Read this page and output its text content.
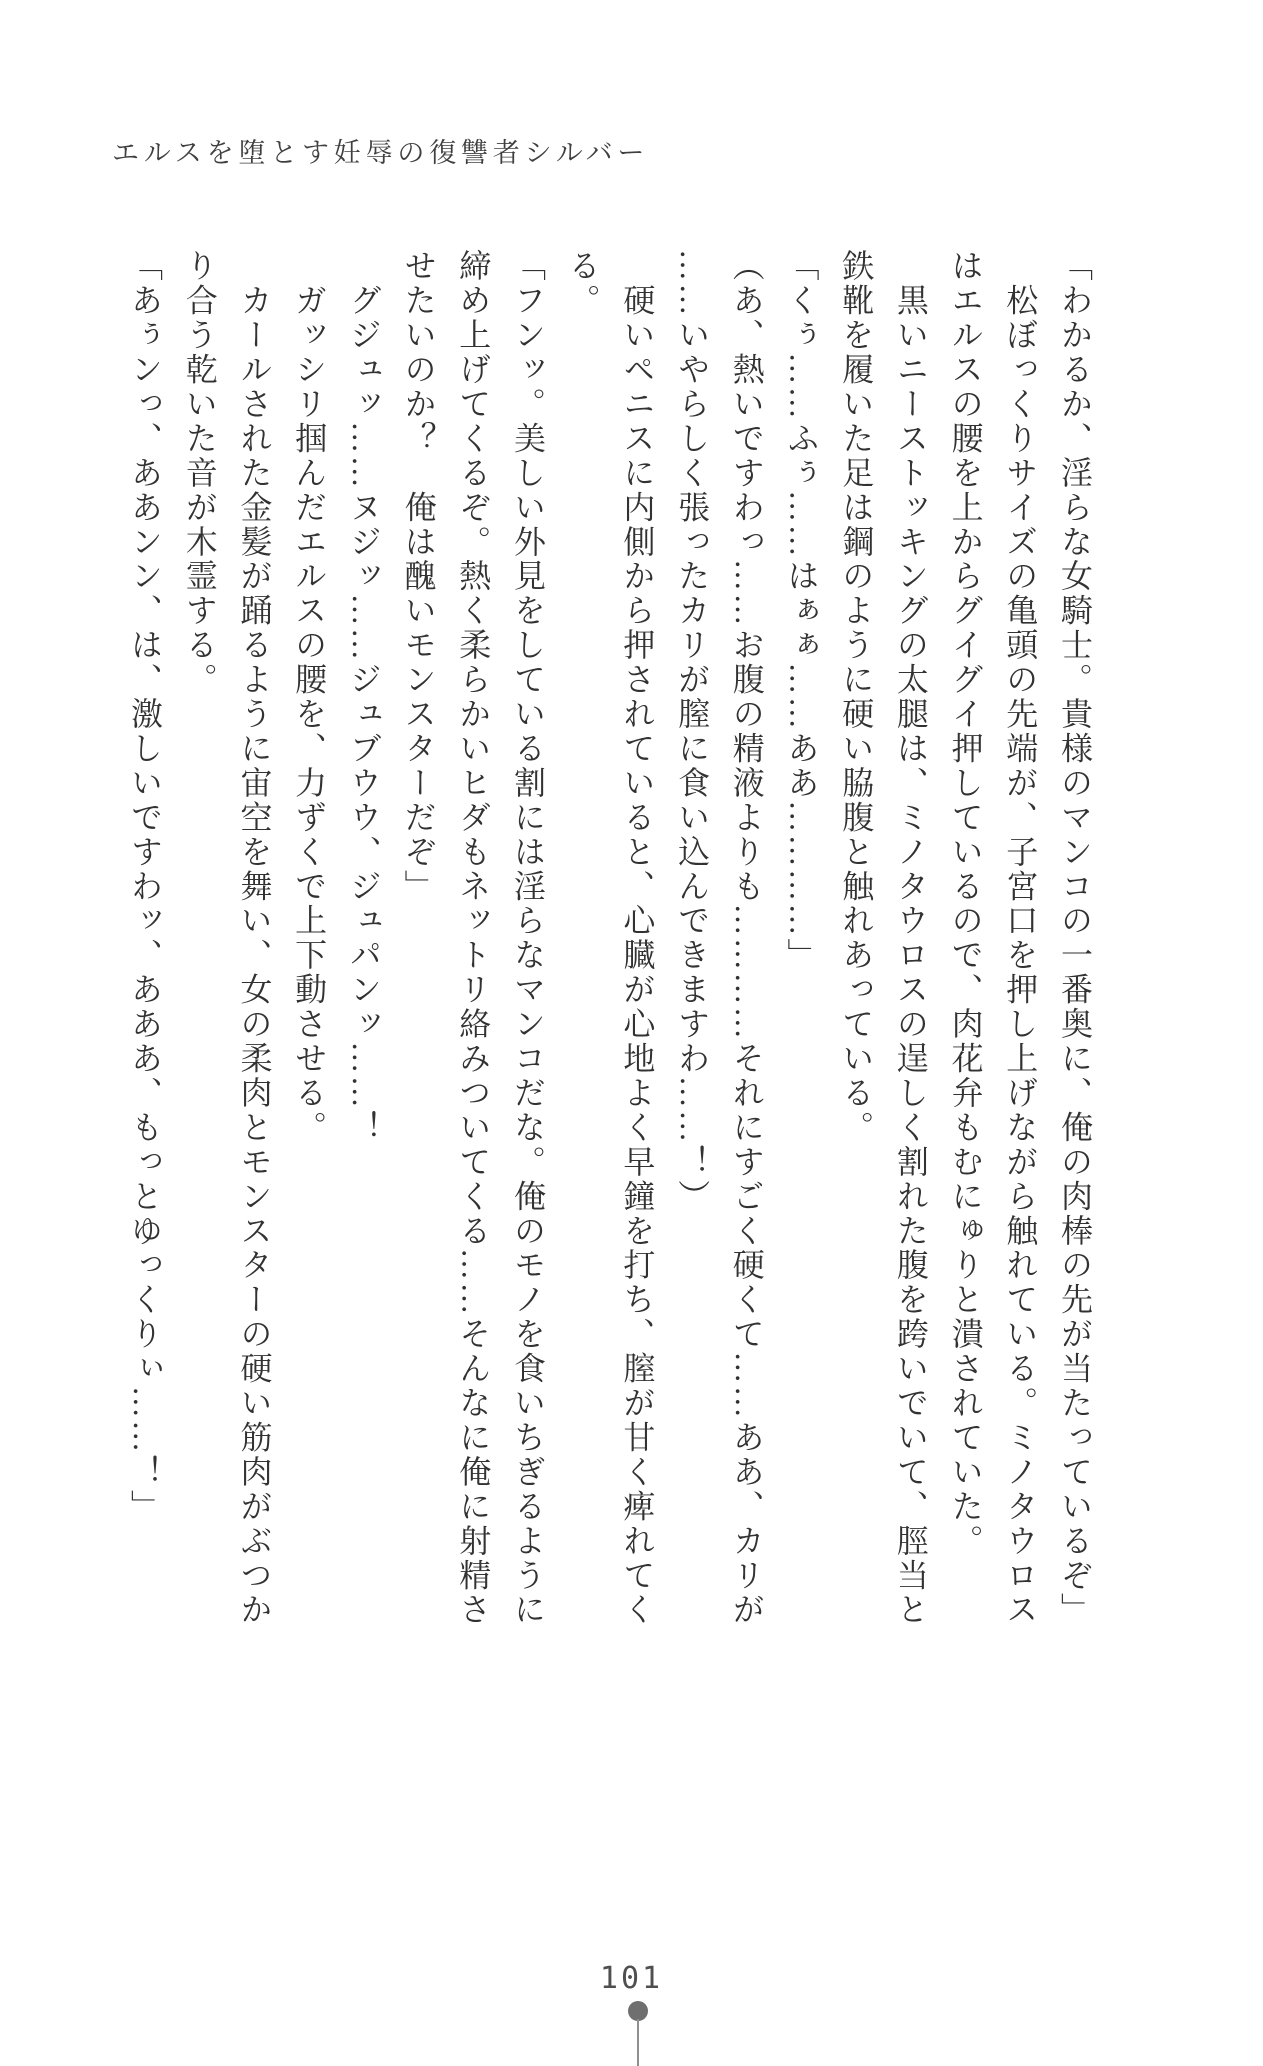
エルスを堕とす妊辱の復讐者シルバー

「わかるか、淫らな女騎士。貴様のマンコの一番奥に、俺の肉棒の先が当たっているぞ」

　松ぼっくりサイズの亀頭の先端が、子宮口を押し上げながら触れている。ミノタウロスはエルスの腰を上からグイグイ押しているので、肉花弁もむにゅりと潰されていた。

　黒いニーストッキングの太腿は、ミノタウロスの逞しく割れた腹を跨いでいて、脛当と鉄靴を履いた足は鋼のように硬い脇腹と触れあっている。

「くぅ……ふぅ……はぁぁ……ああ…………」

（あ、熱いですわっ……お腹の精液よりも…………それにすごく硬くて……ああ、カリが……いやらしく張ったカリが膣に食い込んできますわ……！）

　硬いペニスに内側から押されていると、心臓が心地よく早鐘を打ち、膣が甘く痺れてくる。

「フンッ。美しい外見をしている割には淫らなマンコだな。俺のモノを食いちぎるように締め上げてくるぞ。熱く柔らかいヒダもネットリ絡みついてくる……そんなに俺に射精させたいのか？　俺は醜いモンスターだぞ」

　グジュッ……ヌジッ……ジュブウウ、ジュパンッ……！

　ガッシリ掴んだエルスの腰を、力ずくで上下動させる。

　カールされた金髪が踊るように宙空を舞い、女の柔肉とモンスターの硬い筋肉がぶつかり合う乾いた音が木霊する。

「あぅンっ、ああンン、は、激しいですわッ、あああ、もっとゆっくりぃ……！」

101
